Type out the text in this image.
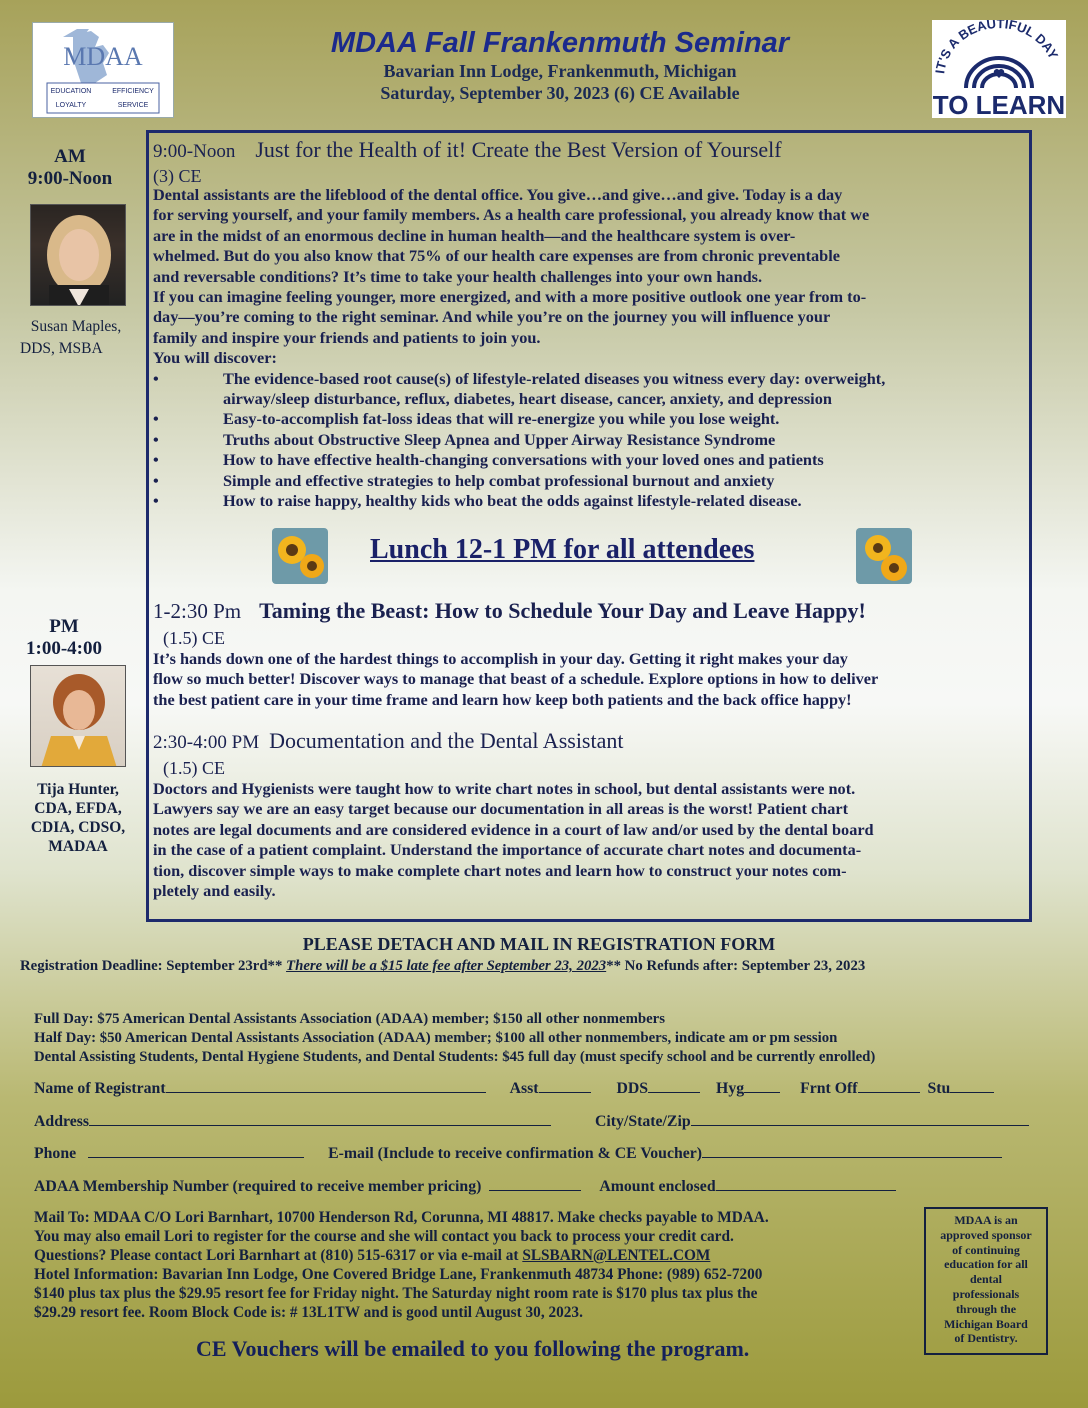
MDAA
EDUCATION	EFFICIENCY
LOYALTY	SERVICE
IT'S A BEAUTIFUL DAY
TO LEARN
MDAA Fall Frankenmuth Seminar
Bavarian Inn Lodge, Frankenmuth, Michigan
Saturday, September 30, 2023 (6) CE Available
AM
9:00-Noon
Susan Maples,
DDS, MSBA
PM
1:00-4:00
Tija Hunter,
CDA, EFDA,
CDIA, CDSO,
MADAA
9:00-Noon Just for the Health of it! Create the Best Version of Yourself
(3) CE

Dental assistants are the lifeblood of the dental office. You give…and give…and give. Today is a day

for serving yourself, and your family members. As a health care professional, you already know that we

are in the midst of an enormous decline in human health—and the healthcare system is over-

whelmed. But do you also know that 75% of our health care expenses are from chronic preventable

and reversable conditions? It’s time to take your health challenges into your own hands.

If you can imagine feeling younger, more energized, and with a more positive outlook one year from to-

day—you’re coming to the right seminar. And while you’re on the journey you will influence your

family and inspire your friends and patients to join you.

You will discover:

•	The evidence-based root cause(s) of lifestyle-related diseases you witness every day: overweight,
airway/sleep disturbance, reflux, diabetes, heart disease, cancer, anxiety, and depression
•	Easy-to-accomplish fat-loss ideas that will re-energize you while you lose weight.
•	Truths about Obstructive Sleep Apnea and Upper Airway Resistance Syndrome
•	How to have effective health-changing conversations with your loved ones and patients
•	Simple and effective strategies to help combat professional burnout and anxiety
•	How to raise happy, healthy kids who beat the odds against lifestyle-related disease.
Lunch 12-1 PM for all attendees
1-2:30 Pm Taming the Beast: How to Schedule Your Day and Leave Happy!
(1.5) CE

It’s hands down one of the hardest things to accomplish in your day. Getting it right makes your day

flow so much better! Discover ways to manage that beast of a schedule. Explore options in how to deliver

the best patient care in your time frame and learn how keep both patients and the back office happy!

2:30-4:00 PM Documentation and the Dental Assistant
(1.5) CE

Doctors and Hygienists were taught how to write chart notes in school, but dental assistants were not.

Lawyers say we are an easy target because our documentation in all areas is the worst! Patient chart

notes are legal documents and are considered evidence in a court of law and/or used by the dental board

in the case of a patient complaint. Understand the importance of accurate chart notes and documenta-

tion, discover simple ways to make complete chart notes and learn how to construct your notes com-

pletely and easily.

PLEASE DETACH AND MAIL IN REGISTRATION FORM
Registration Deadline: September 23rd** There will be a $15 late fee after September 23, 2023** No Refunds after: September 23, 2023
Full Day: $75 American Dental Assistants Association (ADAA) member; $150 all other nonmembers
Half Day: $50 American Dental Assistants Association (ADAA) member; $100 all other nonmembers, indicate am or pm session
Dental Assisting Students, Dental Hygiene Students, and Dental Students: $45 full day (must specify school and be currently enrolled)
Name of Registrant	Asst	DDS	Hyg	Frnt Off	Stu
Address	City/State/Zip
Phone	E-mail (Include to receive confirmation & CE Voucher)
ADAA Membership Number (required to receive member pricing)	Amount enclosed
Mail To: MDAA C/O Lori Barnhart, 10700 Henderson Rd, Corunna, MI 48817. Make checks payable to MDAA.
You may also email Lori to register for the course and she will contact you back to process your credit card.
Questions? Please contact Lori Barnhart at (810) 515-6317 or via e-mail at SLSBARN@LENTEL.COM
Hotel Information: Bavarian Inn Lodge, One Covered Bridge Lane, Frankenmuth 48734 Phone: (989) 652-7200
$140 plus tax plus the $29.95 resort fee for Friday night. The Saturday night room rate is $170 plus tax plus the
$29.29 resort fee. Room Block Code is: # 13L1TW and is good until August 30, 2023.
MDAA is an
approved sponsor
of continuing
education for all
dental
professionals
through the
Michigan Board
of Dentistry.
CE Vouchers will be emailed to you following the program.
